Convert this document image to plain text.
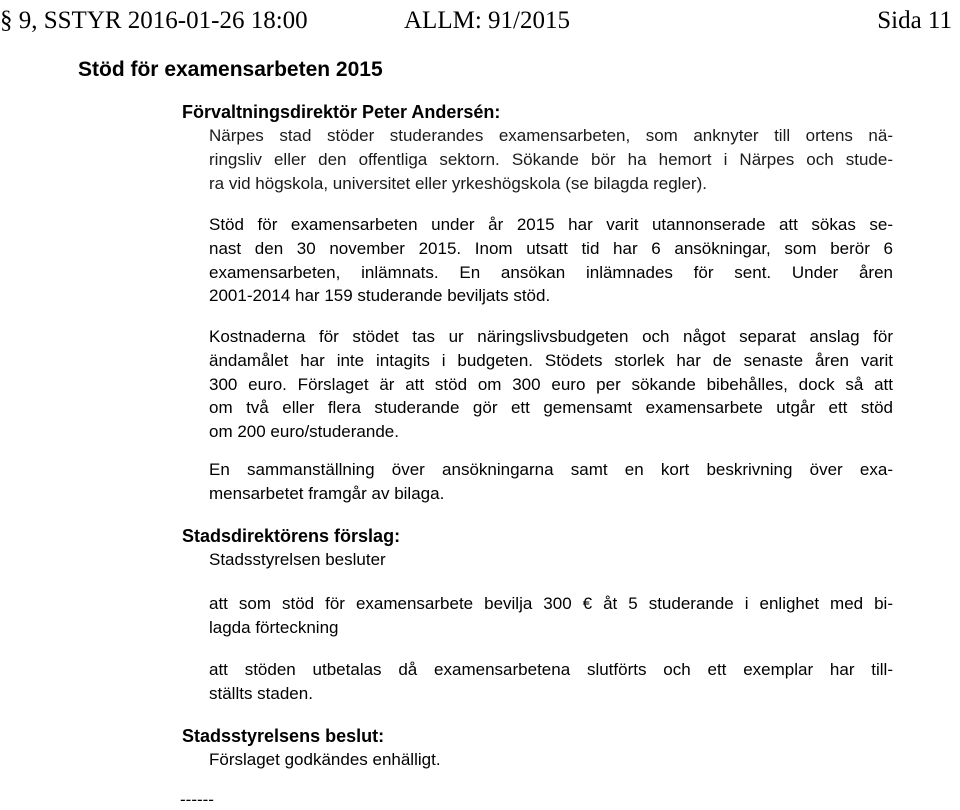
§ 9, SSTYR 2016-01-26 18:00	ALLM: 91/2015	Sida 11
Stöd för examensarbeten 2015
Förvaltningsdirektör Peter Andersén:

Närpes stad stöder studerandes examensarbeten, som anknyter till ortens nä-
ringsliv eller den offentliga sektorn. Sökande bör ha hemort i Närpes och stude-
ra vid högskola, universitet eller yrkeshögskola (se bilagda regler).

Stöd för examensarbeten under år 2015 har varit utannonserade att sökas se-
nast den 30 november 2015. Inom utsatt tid har 6 ansökningar, som berör 6
examensarbeten, inlämnats. En ansökan inlämnades för sent. Under åren
2001-2014 har 159 studerande beviljats stöd.

Kostnaderna för stödet tas ur näringslivsbudgeten och något separat anslag för
ändamålet har inte intagits i budgeten. Stödets storlek har de senaste åren varit
300 euro. Förslaget är att stöd om 300 euro per sökande bibehålles, dock så att
om två eller flera studerande gör ett gemensamt examensarbete utgår ett stöd
om 200 euro/studerande.

En sammanställning över ansökningarna samt en kort beskrivning över exa-
mensarbetet framgår av bilaga.

Stadsdirektörens förslag:

Stadsstyrelsen besluter

att som stöd för examensarbete bevilja 300 € åt 5 studerande i enlighet med bi-
lagda förteckning

att stöden utbetalas då examensarbetena slutförts och ett exemplar har till-
ställts staden.

Stadsstyrelsens beslut:

Förslaget godkändes enhälligt.

------
